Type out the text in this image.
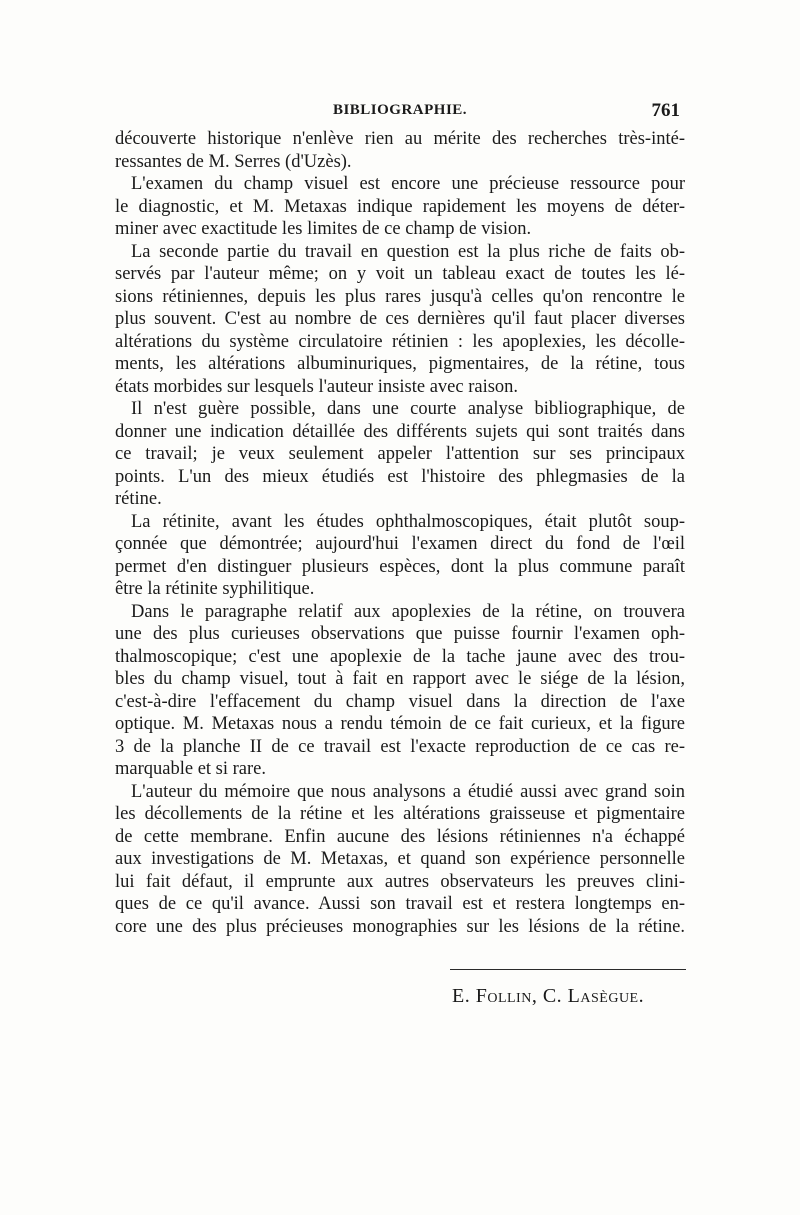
BIBLIOGRAPHIE.	761
découverte historique n'enlève rien au mérite des recherches très-inté-
ressantes de M. Serres (d'Uzès).
L'examen du champ visuel est encore une précieuse ressource pour
le diagnostic, et M. Metaxas indique rapidement les moyens de déter-
miner avec exactitude les limites de ce champ de vision.
La seconde partie du travail en question est la plus riche de faits ob-
servés par l'auteur même; on y voit un tableau exact de toutes les lé-
sions rétiniennes, depuis les plus rares jusqu'à celles qu'on rencontre le
plus souvent. C'est au nombre de ces dernières qu'il faut placer diverses
altérations du système circulatoire rétinien : les apoplexies, les décolle-
ments, les altérations albuminuriques, pigmentaires, de la rétine, tous
états morbides sur lesquels l'auteur insiste avec raison.
Il n'est guère possible, dans une courte analyse bibliographique, de
donner une indication détaillée des différents sujets qui sont traités dans
ce travail; je veux seulement appeler l'attention sur ses principaux
points. L'un des mieux étudiés est l'histoire des phlegmasies de la
rétine.
La rétinite, avant les études ophthalmoscopiques, était plutôt soup-
çonnée que démontrée; aujourd'hui l'examen direct du fond de l'œil
permet d'en distinguer plusieurs espèces, dont la plus commune paraît
être la rétinite syphilitique.
Dans le paragraphe relatif aux apoplexies de la rétine, on trouvera
une des plus curieuses observations que puisse fournir l'examen oph-
thalmoscopique; c'est une apoplexie de la tache jaune avec des trou-
bles du champ visuel, tout à fait en rapport avec le siége de la lésion,
c'est-à-dire l'effacement du champ visuel dans la direction de l'axe
optique. M. Metaxas nous a rendu témoin de ce fait curieux, et la figure
3 de la planche II de ce travail est l'exacte reproduction de ce cas re-
marquable et si rare.
L'auteur du mémoire que nous analysons a étudié aussi avec grand soin
les décollements de la rétine et les altérations graisseuse et pigmentaire
de cette membrane. Enfin aucune des lésions rétiniennes n'a échappé
aux investigations de M. Metaxas, et quand son expérience personnelle
lui fait défaut, il emprunte aux autres observateurs les preuves clini-
ques de ce qu'il avance. Aussi son travail est et restera longtemps en-
core une des plus précieuses monographies sur les lésions de la rétine.
E. Follin, C. Lasègue.
